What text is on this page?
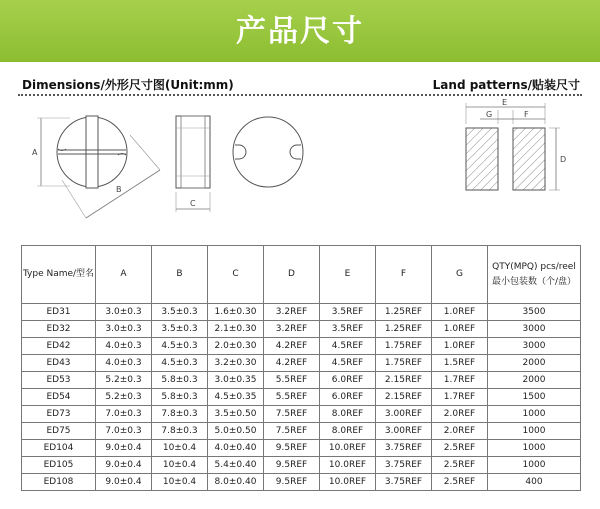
产品尺寸
Dimensions/外形尺寸图(Unit:mm)	Land patterns/贴装尺寸
A
B
C
E
G	F
D
Type Name/型名	A	B	C	D	E	F	G	QTY(MPQ) pcs/reel 最小包装数（个/盘）
ED31	3.0±0.3	3.5±0.3	1.6±0.30	3.2REF	3.5REF	1.25REF	1.0REF	3500
ED32	3.0±0.3	3.5±0.3	2.1±0.30	3.2REF	3.5REF	1.25REF	1.0REF	3000
ED42	4.0±0.3	4.5±0.3	2.0±0.30	4.2REF	4.5REF	1.75REF	1.0REF	3000
ED43	4.0±0.3	4.5±0.3	3.2±0.30	4.2REF	4.5REF	1.75REF	1.5REF	2000
ED53	5.2±0.3	5.8±0.3	3.0±0.35	5.5REF	6.0REF	2.15REF	1.7REF	2000
ED54	5.2±0.3	5.8±0.3	4.5±0.35	5.5REF	6.0REF	2.15REF	1.7REF	1500
ED73	7.0±0.3	7.8±0.3	3.5±0.50	7.5REF	8.0REF	3.00REF	2.0REF	1000
ED75	7.0±0.3	7.8±0.3	5.0±0.50	7.5REF	8.0REF	3.00REF	2.0REF	1000
ED104	9.0±0.4	10±0.4	4.0±0.40	9.5REF	10.0REF	3.75REF	2.5REF	1000
ED105	9.0±0.4	10±0.4	5.4±0.40	9.5REF	10.0REF	3.75REF	2.5REF	1000
ED108	9.0±0.4	10±0.4	8.0±0.40	9.5REF	10.0REF	3.75REF	2.5REF	400
